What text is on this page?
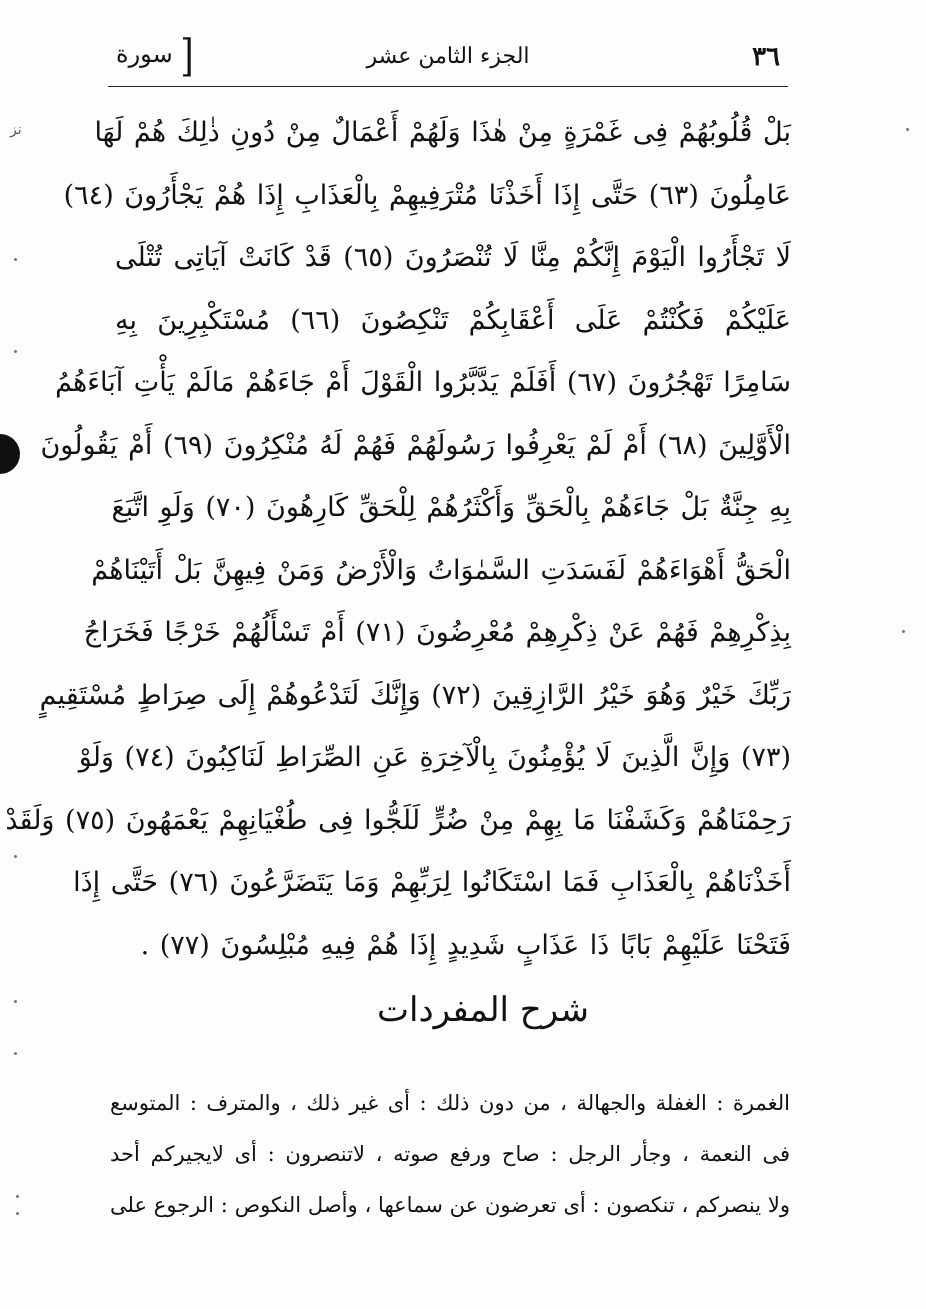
ﻧﺰ
٣٦
الجزء الثامن عشر
[ سورة
بَلْ قُلُوبُهُمْ فِى غَمْرَةٍ مِنْ هٰذَا وَلَهُمْ أَعْمَالٌ مِنْ دُونِ ذٰلِكَ هُمْ لَهَا
عَامِلُونَ (٦٣) حَتَّى إِذَا أَخَذْنَا مُتْرَفِيهِمْ بِالْعَذَابِ إِذَا هُمْ يَجْأَرُونَ (٦٤)
لَا تَجْأَرُوا الْيَوْمَ إِنَّكُمْ مِنَّا لَا تُنْصَرُونَ (٦٥) قَدْ كَانَتْ آيَاتِى تُتْلَى
عَلَيْكُمْ فَكُنْتُمْ عَلَى أَعْقَابِكُمْ تَنْكِصُونَ (٦٦) مُسْتَكْبِرِينَ بِهِ
سَامِرًا تَهْجُرُونَ (٦٧) أَفَلَمْ يَدَّبَّرُوا الْقَوْلَ أَمْ جَاءَهُمْ مَالَمْ يَأْتِ آبَاءَهُمُ
الْأَوَّلِينَ (٦٨) أَمْ لَمْ يَعْرِفُوا رَسُولَهُمْ فَهُمْ لَهُ مُنْكِرُونَ (٦٩) أَمْ يَقُولُونَ
بِهِ جِنَّةٌ بَلْ جَاءَهُمْ بِالْحَقِّ وَأَكْثَرُهُمْ لِلْحَقِّ كَارِهُونَ (٧٠) وَلَوِ اتَّبَعَ
الْحَقُّ أَهْوَاءَهُمْ لَفَسَدَتِ السَّمٰوَاتُ وَالْأَرْضُ وَمَنْ فِيهِنَّ بَلْ أَتَيْنَاهُمْ
بِذِكْرِهِمْ فَهُمْ عَنْ ذِكْرِهِمْ مُعْرِضُونَ (٧١) أَمْ تَسْأَلُهُمْ خَرْجًا فَخَرَاجُ
رَبِّكَ خَيْرٌ وَهُوَ خَيْرُ الرَّازِقِينَ (٧٢) وَإِنَّكَ لَتَدْعُوهُمْ إِلَى صِرَاطٍ مُسْتَقِيمٍ
(٧٣) وَإِنَّ الَّذِينَ لَا يُؤْمِنُونَ بِالْآخِرَةِ عَنِ الصِّرَاطِ لَنَاكِبُونَ (٧٤) وَلَوْ
رَحِمْنَاهُمْ وَكَشَفْنَا مَا بِهِمْ مِنْ ضُرٍّ لَلَجُّوا فِى طُغْيَانِهِمْ يَعْمَهُونَ (٧٥) وَلَقَدْ
أَخَذْنَاهُمْ بِالْعَذَابِ فَمَا اسْتَكَانُوا لِرَبِّهِمْ وَمَا يَتَضَرَّعُونَ (٧٦) حَتَّى إِذَا
فَتَحْنَا عَلَيْهِمْ بَابًا ذَا عَذَابٍ شَدِيدٍ إِذَا هُمْ فِيهِ مُبْلِسُونَ (٧٧) .
شرح المفردات
الغمرة : الغفلة والجهالة ، من دون ذلك : أى غير ذلك ، والمترف : المتوسع
فى النعمة ، وجأر الرجل : صاح ورفع صوته ، لاتنصرون : أى لايجيركم أحد
ولا ينصركم ، تنكصون : أى تعرضون عن سماعها ، وأصل النكوص : الرجوع على
